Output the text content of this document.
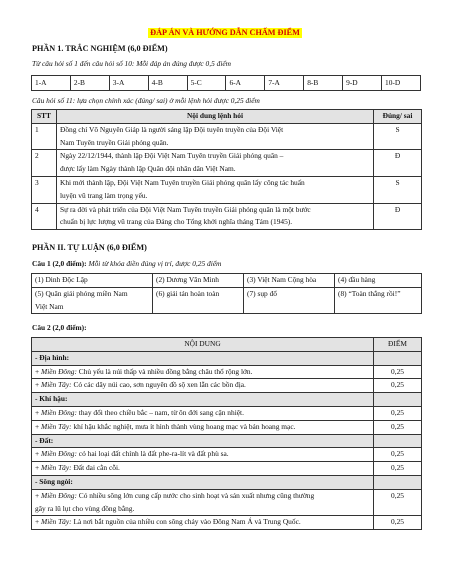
ĐÁP ÁN VÀ HƯỚNG DẪN CHẤM ĐIỂM
PHẦN 1. TRẮC NGHIỆM (6,0 ĐIỂM)
Từ câu hỏi số 1 đến câu hỏi số 10: Mỗi đáp án đúng được 0,5 điểm
1-A	2-B	3-A	4-B	5-C	6-A	7-A	8-B	9-D	10-D
Câu hỏi số 11: lựa chọn chính xác (đúng/ sai) ở mỗi lệnh hỏi được 0,25 điểm
STT	Nội dung lệnh hỏi	Đúng/ sai
1	Đồng chí Võ Nguyên Giáp là người sáng lập Đội tuyên truyền của Đội Việt
Nam Tuyên truyền Giải phóng quân.	S
2	Ngày 22/12/1944, thành lập Đội Việt Nam Tuyên truyền Giải phóng quân –
được lấy làm Ngày thành lập Quân đội nhân dân Việt Nam.	Đ
3	Khi mới thành lập, Đội Việt Nam Tuyên truyền Giải phóng quân lấy công tác huấn
luyện vũ trang làm trọng yếu.	S
4	Sự ra đời và phát triển của Đội Việt Nam Tuyên truyền Giải phóng quân là một bước
chuẩn bị lực lượng vũ trang của Đảng cho Tổng khởi nghĩa tháng Tám (1945).	Đ
PHẦN II. TỰ LUẬN (6,0 ĐIỂM)
Câu 1 (2,0 điểm): Mỗi từ khóa điền đúng vị trí, được 0,25 điểm
(1) Dinh Độc Lập	(2) Dương Văn Minh	(3) Việt Nam Cộng hòa	(4) đầu hàng

(5) Quân giải phóng miền Nam
Việt Nam	(6) giải tán hoàn toàn	(7) sụp đổ	(8) “Toàn thắng rồi!”
Câu 2 (2,0 điểm):
NỘI DUNG	ĐIỂM
- Địa hình:	

+ Miền Đông: Chủ yếu là núi thấp và nhiều đồng bằng châu thổ rộng lớn.	0,25

+ Miền Tây: Có các dãy núi cao, sơn nguyên đồ sộ xen lẫn các bồn địa.	0,25
- Khí hậu:	

+ Miền Đông: thay đổi theo chiều bắc – nam, từ ôn đới sang cận nhiệt.	0,25

+ Miền Tây: khí hậu khắc nghiệt, mưa ít hình thành vùng hoang mạc và bán hoang mạc.	0,25
- Đất:	

+ Miền Đông: có hai loại đất chính là đất phe-ra-lít và đất phù sa.	0,25

+ Miền Tây: Đất đai cằn cỗi.	0,25
- Sông ngòi:	

+ Miền Đông: Có nhiều sông lớn cung cấp nước cho sinh hoạt và sản xuất nhưng cũng thường
gây ra lũ lụt cho vùng đồng bằng.	0,25

+ Miền Tây: Là nơi bắt nguồn của nhiều con sông chảy vào Đông Nam Á và Trung Quốc.	0,25
